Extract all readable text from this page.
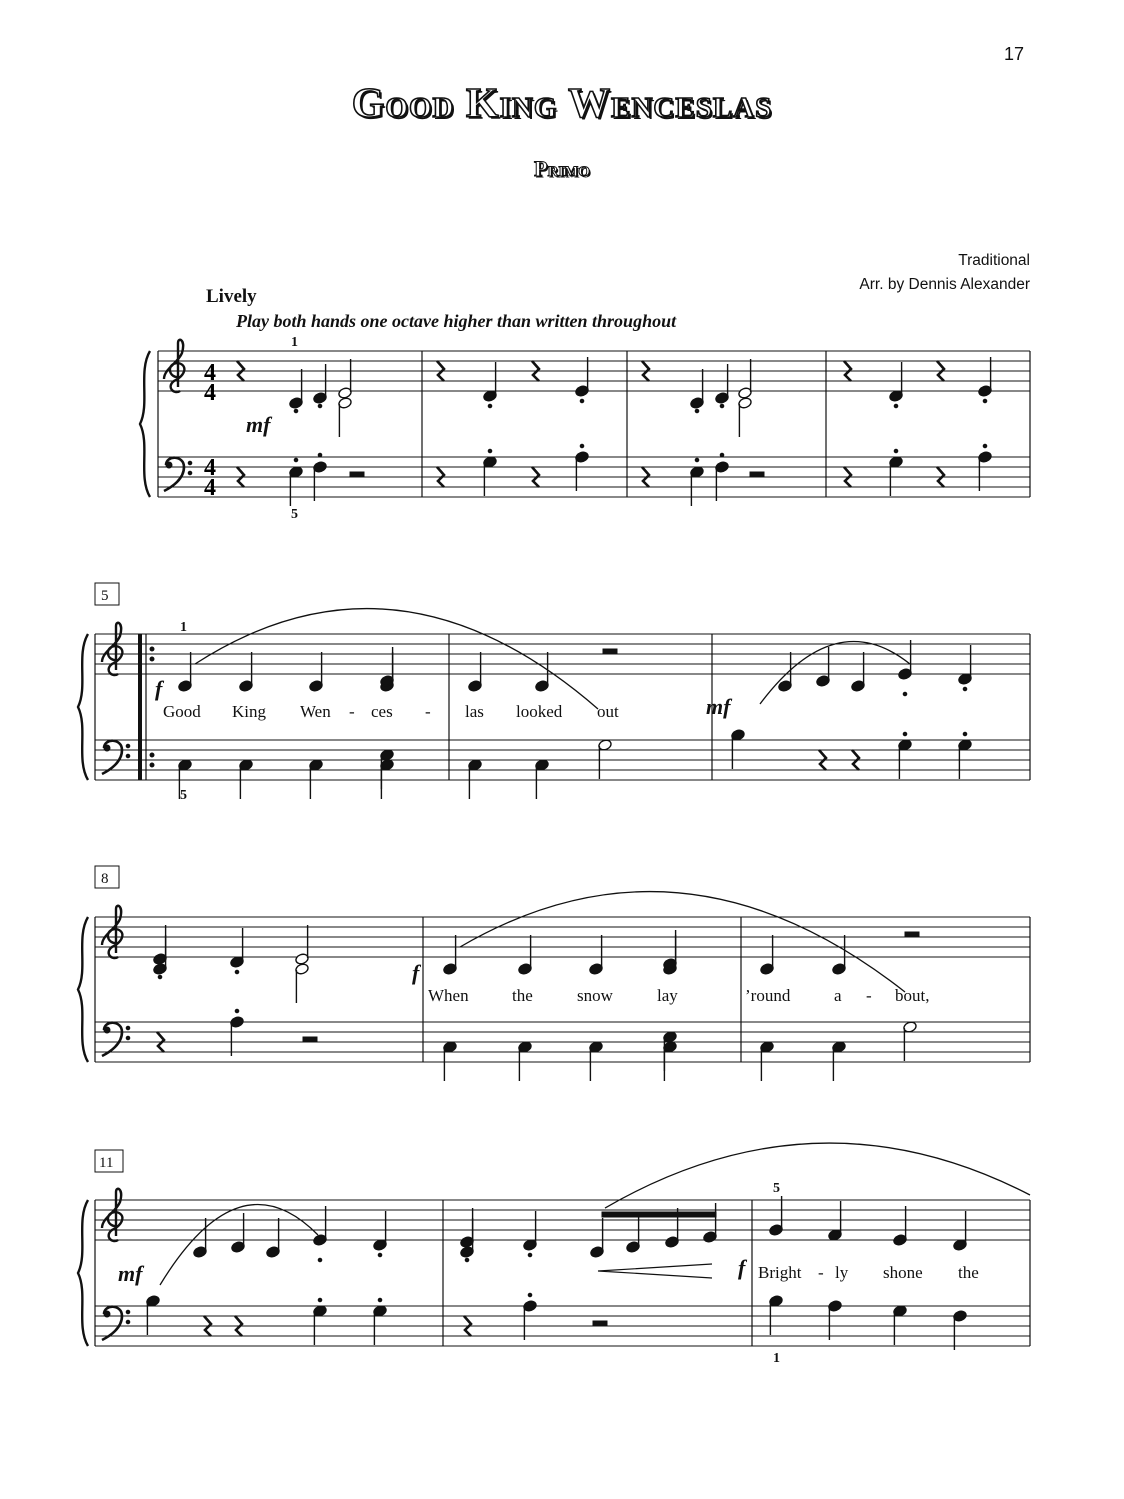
17
Good King Wenceslas
Primo
Traditional
Arr. by Dennis Alexander
Lively
Play both hands one octave higher than written throughout
4
4
4
4
5
8
11
mf
f
mf
f
mf	f
1
5
1
5
5
1
Good King Wen - ces - las looked out
When	the	snow	lay	’round	a - bout,
Bright - ly shone the
